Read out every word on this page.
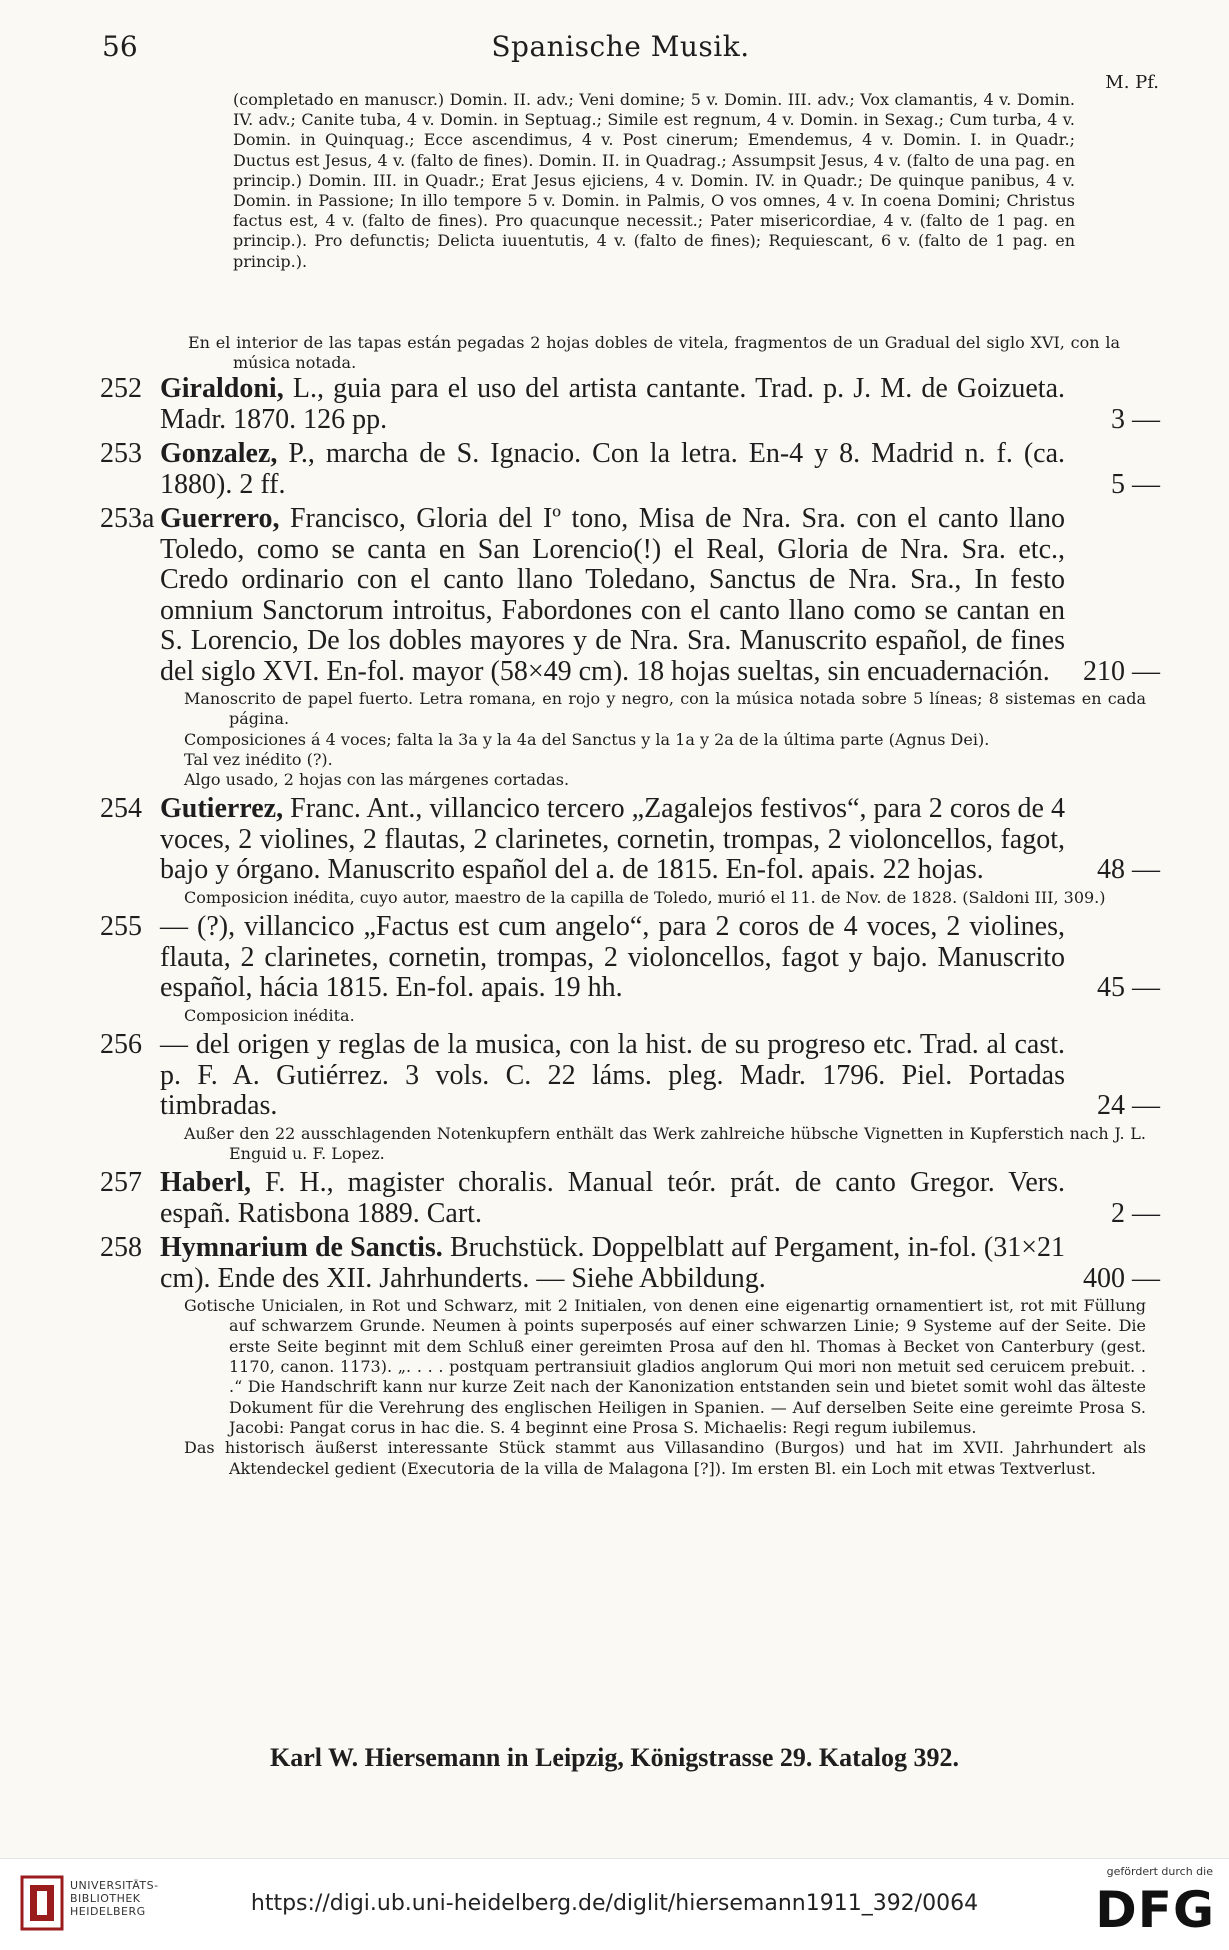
56	Spanische Musik.
M. Pf.
(completado en manuscr.) Domin. II. adv.; Veni domine; 5 v. Domin. III. adv.; Vox clamantis, 4 v. Domin. IV. adv.; Canite tuba, 4 v. Domin. in Septuag.; Simile est regnum, 4 v. Domin. in Sexag.; Cum turba, 4 v. Domin. in Quinquag.; Ecce ascendimus, 4 v. Post cinerum; Emendemus, 4 v. Domin. I. in Quadr.; Ductus est Jesus, 4 v. (falto de fines). Domin. II. in Quadrag.; Assumpsit Jesus, 4 v. (falto de una pag. en princip.) Domin. III. in Quadr.; Erat Jesus ejiciens, 4 v. Domin. IV. in Quadr.; De quinque panibus, 4 v. Domin. in Passione; In illo tempore 5 v. Domin. in Palmis, O vos omnes, 4 v. In coena Domini; Christus factus est, 4 v. (falto de fines). Pro quacunque necessit.; Pater misericordiae, 4 v. (falto de 1 pag. en princip.). Pro defunctis; Delicta iuuentutis, 4 v. (falto de fines); Requiescant, 6 v. (falto de 1 pag. en princip.).
En el interior de las tapas están pegadas 2 hojas dobles de vitela, fragmentos de un Gradual del siglo XVI, con la música notada.
252 Giraldoni, L., guia para el uso del artista cantante. Trad. p. J. M. de Goizueta. Madr. 1870. 126 pp.	3 —
253 Gonzalez, P., marcha de S. Ignacio. Con la letra. En-4 y 8. Madrid n. f. (ca. 1880). 2 ff.	5 —
253a Guerrero, Francisco, Gloria del Iº tono, Misa de Nra. Sra. con el canto llano Toledo, como se canta en San Lorencio(!) el Real, Gloria de Nra. Sra. etc., Credo ordinario con el canto llano Toledano, Sanctus de Nra. Sra., In festo omnium Sanctorum introitus, Fabordones con el canto llano como se cantan en S. Lorencio, De los dobles mayores y de Nra. Sra. Manuscrito español, de fines del siglo XVI. En-fol. mayor (58×49 cm). 18 hojas sueltas, sin encuadernación. 210 —
Manoscrito de papel fuerto. Letra romana, en rojo y negro, con la música notada sobre 5 líneas; 8 sistemas en cada página.
Composiciones á 4 voces; falta la 3a y la 4a del Sanctus y la 1a y 2a de la última parte (Agnus Dei).
Tal vez inédito (?).
Algo usado, 2 hojas con las márgenes cortadas.
254 Gutierrez, Franc. Ant., villancico tercero „Zagalejos festivos“, para 2 coros de 4 voces, 2 violines, 2 flautas, 2 clarinetes, cornetin, trompas, 2 violoncellos, fagot, bajo y órgano. Manuscrito español del a. de 1815. En-fol. apais. 22 hojas.	48 —
Composicion inédita, cuyo autor, maestro de la capilla de Toledo, murió el 11. de Nov. de 1828. (Saldoni III, 309.)
255 — (?), villancico „Factus est cum angelo“, para 2 coros de 4 voces, 2 violines, flauta, 2 clarinetes, cornetin, trompas, 2 violoncellos, fagot y bajo. Manuscrito español, hácia 1815. En-fol. apais. 19 hh.	45 —
Composicion inédita.
256 — del origen y reglas de la musica, con la hist. de su progreso etc. Trad. al cast. p. F. A. Gutiérrez. 3 vols. C. 22 láms. pleg. Madr. 1796. Piel. Portadas timbradas.	24 —
Außer den 22 ausschlagenden Notenkupfern enthält das Werk zahlreiche hübsche Vignetten in Kupferstich nach J. L. Enguid u. F. Lopez.
257 Haberl, F. H., magister choralis. Manual teór. prát. de canto Gregor. Vers. españ. Ratisbona 1889. Cart.	2 —
258 Hymnarium de Sanctis. Bruchstück. Doppelblatt auf Pergament, in-fol. (31×21 cm). Ende des XII. Jahrhunderts. — Siehe Abbildung.	400 —
Gotische Unicialen, in Rot und Schwarz, mit 2 Initialen, von denen eine eigenartig ornamentiert ist, rot mit Füllung auf schwarzem Grunde. Neumen à points superposés auf einer schwarzen Linie; 9 Systeme auf der Seite. Die erste Seite beginnt mit dem Schluß einer gereimten Prosa auf den hl. Thomas à Becket von Canterbury (gest. 1170, canon. 1173). „. . . . postquam pertransiuit gladios anglorum Qui mori non metuit sed ceruicem prebuit. . .“ Die Handschrift kann nur kurze Zeit nach der Kanonization entstanden sein und bietet somit wohl das älteste Dokument für die Verehrung des englischen Heiligen in Spanien. — Auf derselben Seite eine gereimte Prosa S. Jacobi: Pangat corus in hac die. S. 4 beginnt eine Prosa S. Michaelis: Regi regum iubilemus.
Das historisch äußerst interessante Stück stammt aus Villasandino (Burgos) und hat im XVII. Jahrhundert als Aktendeckel gedient (Executoria de la villa de Malagona [?]). Im ersten Bl. ein Loch mit etwas Textverlust.
Karl W. Hiersemann in Leipzig, Königstrasse 29. Katalog 392.
UNIVERSITÄTS-
BIBLIOTHEK
HEIDELBERG	https://digi.ub.uni-heidelberg.de/diglit/hiersemann1911_392/0064
gefördert durch die
DFG
